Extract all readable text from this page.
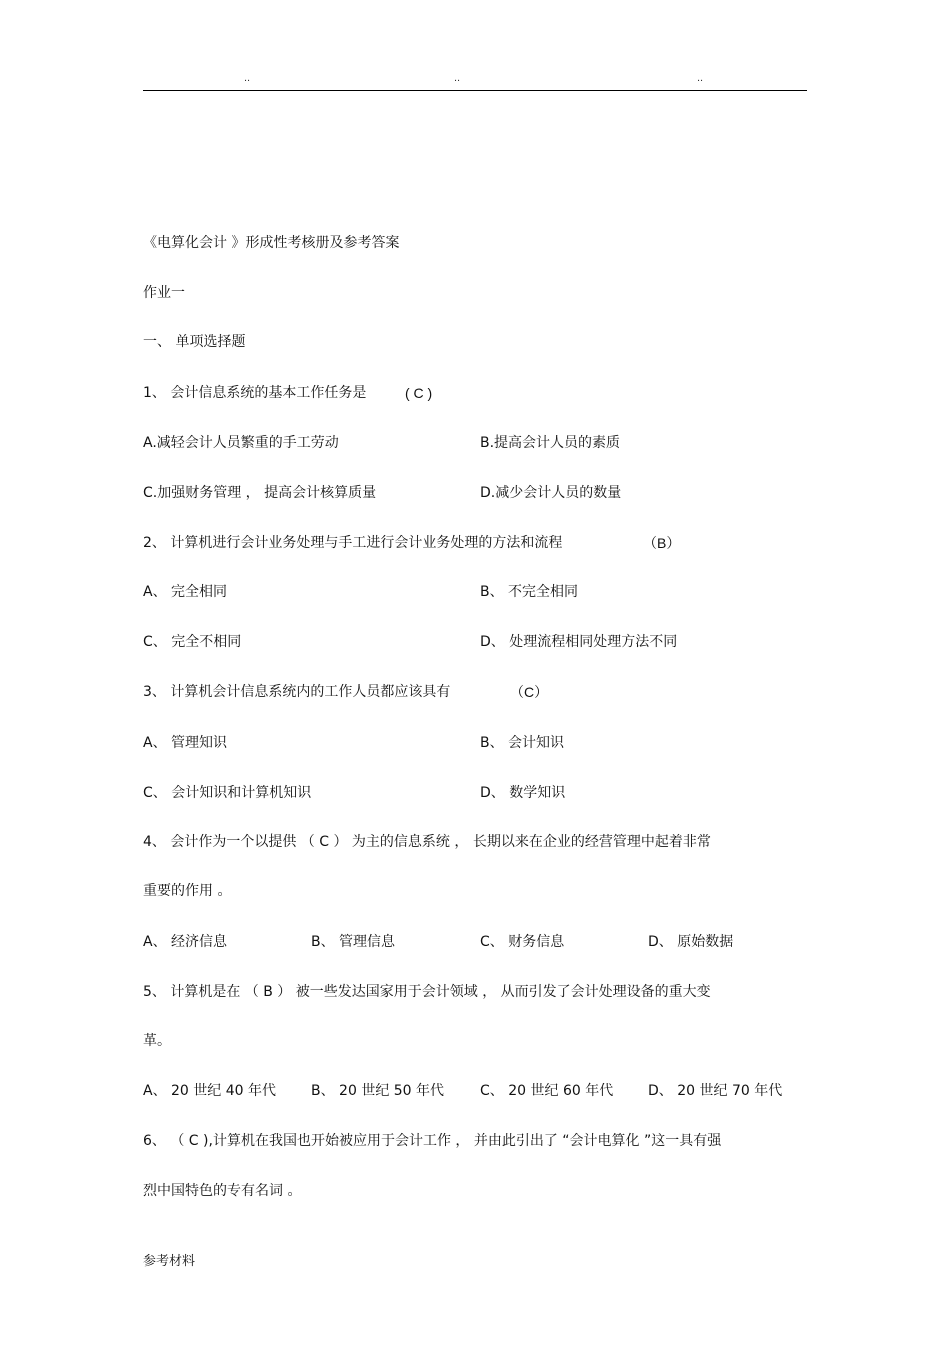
..	..	..
《电算化会计 》形成性考核册及参考答案
作业一
一、 单项选择题
1、 会计信息系统的基本工作任务是	( C )
A.减轻会计人员繁重的手工劳动	B.提高会计人员的素质
C.加强财务管理 ， 提高会计核算质量	D.减少会计人员的数量
2、 计算机进行会计业务处理与手工进行会计业务处理的方法和流程	（B）
A、 完全相同	B、 不完全相同
C、 完全不相同	D、 处理流程相同处理方法不同
3、 计算机会计信息系统内的工作人员都应该具有	（C）
A、 管理知识	B、 会计知识
C、 会计知识和计算机知识	D、 数学知识
4、 会计作为一个以提供 （ C ） 为主的信息系统 ， 长期以来在企业的经营管理中起着非常
重要的作用 。
A、 经济信息	B、 管理信息	C、 财务信息	D、 原始数据
5、 计算机是在 （ B ） 被一些发达国家用于会计领域 ， 从而引发了会计处理设备的重大变
革。
A、 20 世纪 40 年代 B、 20 世纪 50 年代	C、 20 世纪 60 年代 D、 20 世纪 70 年代
6、 （ C ),计算机在我国也开始被应用于会计工作 ， 并由此引出了 “会计电算化 ”这一具有强
烈中国特色的专有名词 。
参考材料
